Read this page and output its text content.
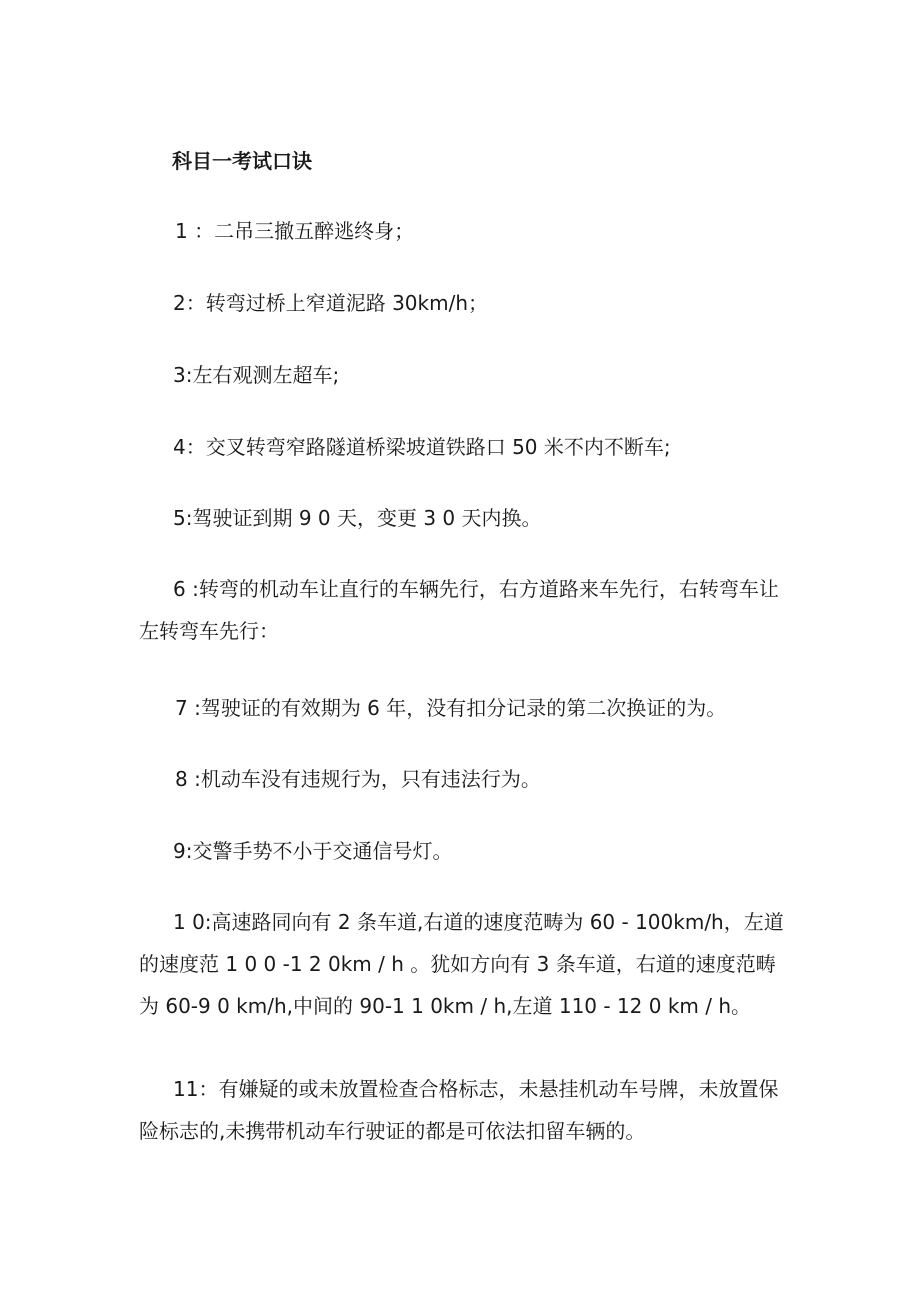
科目一考试口诀

1 ：二吊三撤五醉逃终身；

2：转弯过桥上窄道泥路 30km/h；

3:左右观测左超车;

4：交叉转弯窄路隧道桥梁坡道铁路口 50 米不内不断车;

5:驾驶证到期 9 0 天，变更 3 0 天内换。

6 :转弯的机动车让直行的车辆先行，右方道路来车先行，右转弯车让左转弯车先行：

7 :驾驶证的有效期为 6 年，没有扣分记录的第二次换证的为。

8 :机动车没有违规行为，只有违法行为。

9:交警手势不小于交通信号灯。

1 0:高速路同向有 2 条车道,右道的速度范畴为 60 - 100km/h，左道的速度范 1 0 0 -1 2 0km / h 。犹如方向有 3 条车道，右道的速度范畴为 60-9 0 km/h,中间的 90-1 1 0km / h,左道 110 - 12 0 km / h。

11：有嫌疑的或未放置检查合格标志，未悬挂机动车号牌，未放置保险标志的,未携带机动车行驶证的都是可依法扣留车辆的。
